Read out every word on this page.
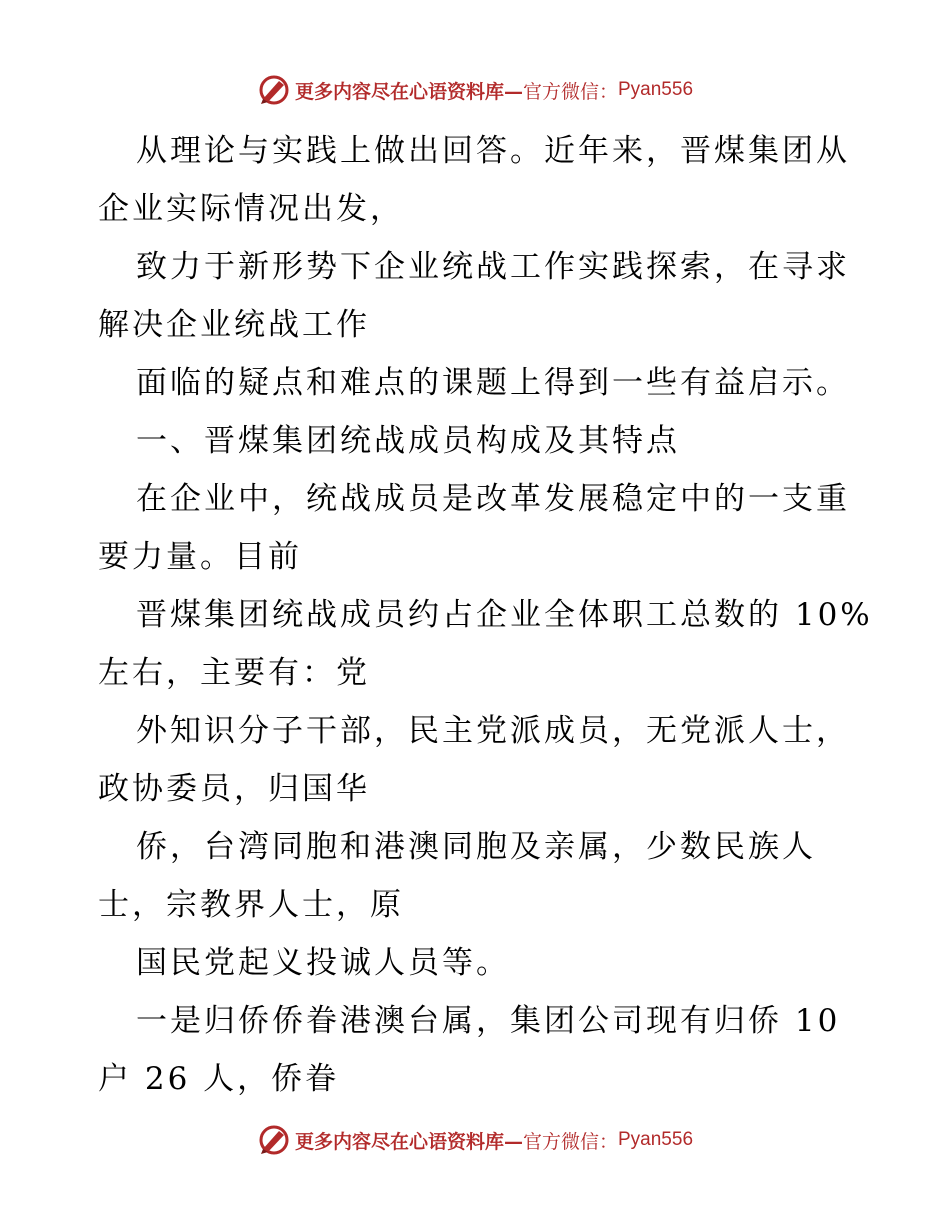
更多内容尽在心语资料库— 官方微信： Pyan556
从理论与实践上做出回答。近年来，晋煤集团从
企业实际情况出发，
致力于新形势下企业统战工作实践探索，在寻求
解决企业统战工作
面临的疑点和难点的课题上得到一些有益启示。
一、晋煤集团统战成员构成及其特点
在企业中，统战成员是改革发展稳定中的一支重
要力量。目前
晋煤集团统战成员约占企业全体职工总数的 10%
左右，主要有：党
外知识分子干部，民主党派成员，无党派人士，
政协委员，归国华
侨，台湾同胞和港澳同胞及亲属，少数民族人
士，宗教界人士，原
国民党起义投诚人员等。
一是归侨侨眷港澳台属，集团公司现有归侨 10
户 26 人，侨眷
更多内容尽在心语资料库— 官方微信： Pyan556
